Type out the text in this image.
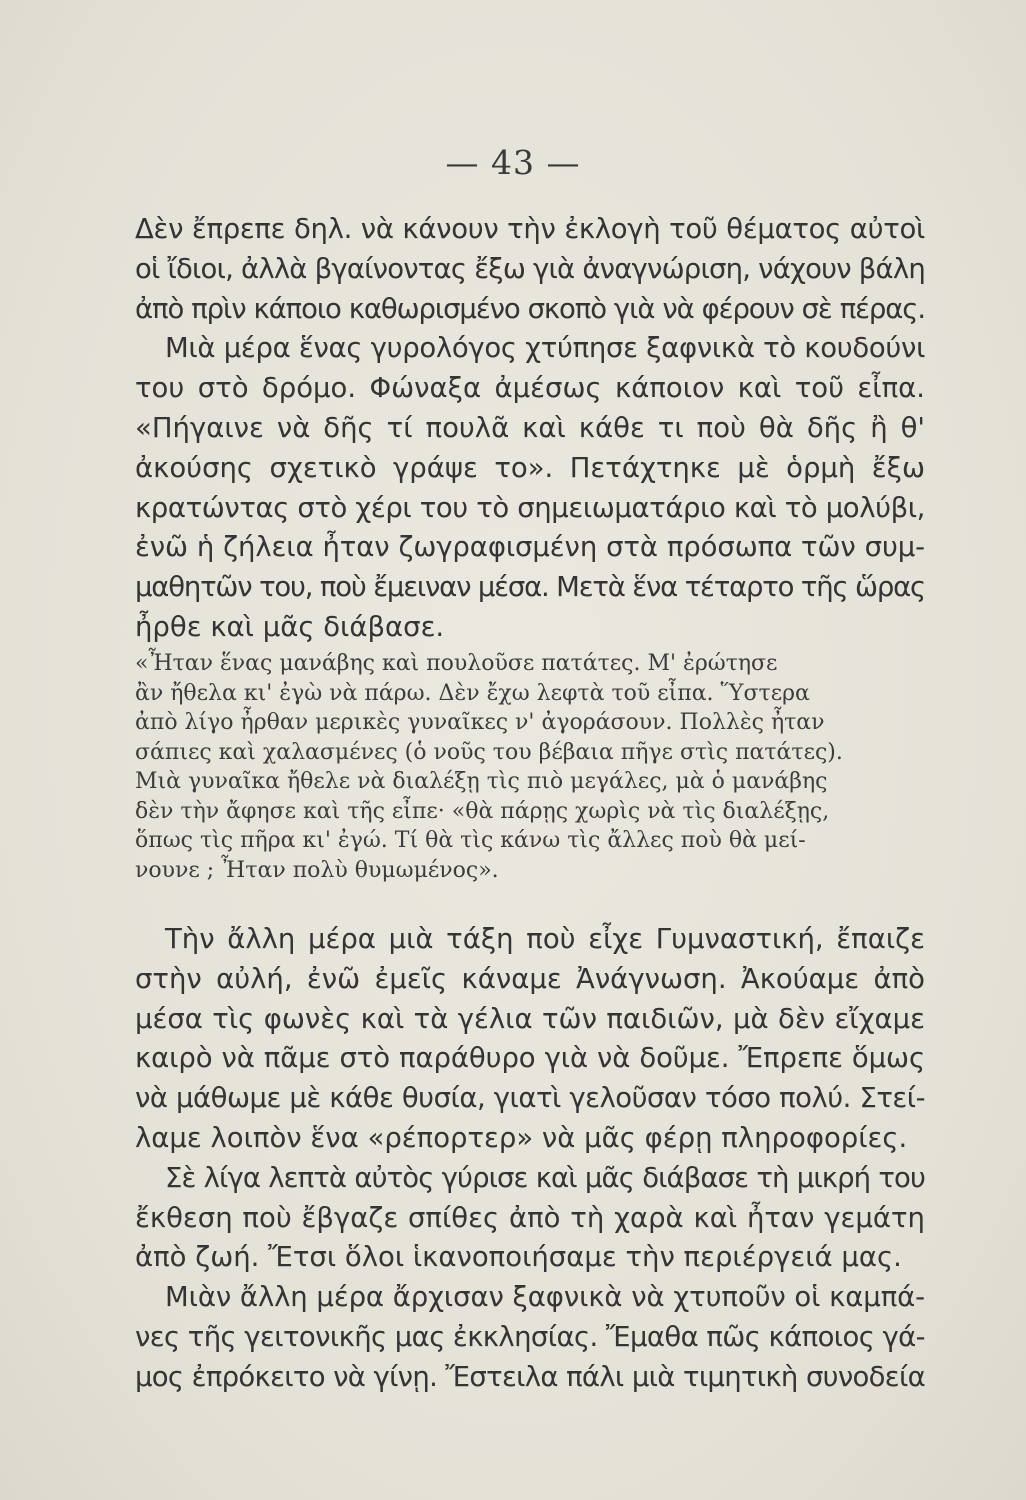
— 43 —
Δὲν ἔπρεπε δηλ. νὰ κάνουν τὴν ἐκλογὴ τοῦ θέματος αὐτοὶ
οἱ ἴδιοι, ἀλλὰ βγαίνοντας ἔξω γιὰ ἀναγνώριση, νάχουν βάλη
ἀπὸ πρὶν κάποιο καθωρισμένο σκοπὸ γιὰ νὰ φέρουν σὲ πέρας.
Μιὰ μέρα ἕνας γυρολόγος χτύπησε ξαφνικὰ τὸ κουδούνι
του στὸ δρόμο. Φώναξα ἀμέσως κάποιον καὶ τοῦ εἶπα.
«Πήγαινε νὰ δῆς τί πουλᾶ καὶ κάθε τι ποὺ θὰ δῆς ἢ θ'
ἀκούσης σχετικὸ γράψε το». Πετάχτηκε μὲ ὁρμὴ ἔξω
κρατώντας στὸ χέρι του τὸ σημειωματάριο καὶ τὸ μολύβι,
ἐνῶ ἡ ζήλεια ἦταν ζωγραφισμένη στὰ πρόσωπα τῶν συμ-
μαθητῶν του, ποὺ ἔμειναν μέσα. Μετὰ ἕνα τέταρτο τῆς ὥρας
ἦρθε καὶ μᾶς διάβασε.
«Ἦταν ἕνας μανάβης καὶ πουλοῦσε πατάτες. Μ' ἐρώτησε
ἂν ἤθελα κι' ἐγὼ νὰ πάρω. Δὲν ἔχω λεφτὰ τοῦ εἶπα. Ὕστερα
ἀπὸ λίγο ἦρθαν μερικὲς γυναῖκες ν' ἀγοράσουν. Πολλὲς ἦταν
σάπιες καὶ χαλασμένες (ὁ νοῦς του βέβαια πῆγε στὶς πατάτες).
Μιὰ γυναῖκα ἤθελε νὰ διαλέξῃ τὶς πιὸ μεγάλες, μὰ ὁ μανάβης
δὲν τὴν ἄφησε καὶ τῆς εἶπε· «θὰ πάρῃς χωρὶς νὰ τὶς διαλέξῃς,
ὅπως τὶς πῆρα κι' ἐγώ. Τί θὰ τὶς κάνω τὶς ἄλλες ποὺ θὰ μεί-
νουνε ; Ἦταν πολὺ θυμωμένος».
Τὴν ἄλλη μέρα μιὰ τάξη ποὺ εἶχε Γυμναστική, ἔπαιζε
στὴν αὐλή, ἐνῶ ἐμεῖς κάναμε Ἀνάγνωση. Ἀκούαμε ἀπὸ
μέσα τὶς φωνὲς καὶ τὰ γέλια τῶν παιδιῶν, μὰ δὲν εἴχαμε
καιρὸ νὰ πᾶμε στὸ παράθυρο γιὰ νὰ δοῦμε. Ἔπρεπε ὅμως
νὰ μάθωμε μὲ κάθε θυσία, γιατὶ γελοῦσαν τόσο πολύ. Στεί-
λαμε λοιπὸν ἕνα «ρέπορτερ» νὰ μᾶς φέρῃ πληροφορίες.
Σὲ λίγα λεπτὰ αὐτὸς γύρισε καὶ μᾶς διάβασε τὴ μικρή του
ἔκθεση ποὺ ἔβγαζε σπίθες ἀπὸ τὴ χαρὰ καὶ ἦταν γεμάτη
ἀπὸ ζωή. Ἔτσι ὅλοι ἱκανοποιήσαμε τὴν περιέργειά μας.
Μιὰν ἄλλη μέρα ἄρχισαν ξαφνικὰ νὰ χτυποῦν οἱ καμπά-
νες τῆς γειτονικῆς μας ἐκκλησίας. Ἔμαθα πῶς κάποιος γά-
μος ἐπρόκειτο νὰ γίνῃ. Ἔστειλα πάλι μιὰ τιμητικὴ συνοδεία
